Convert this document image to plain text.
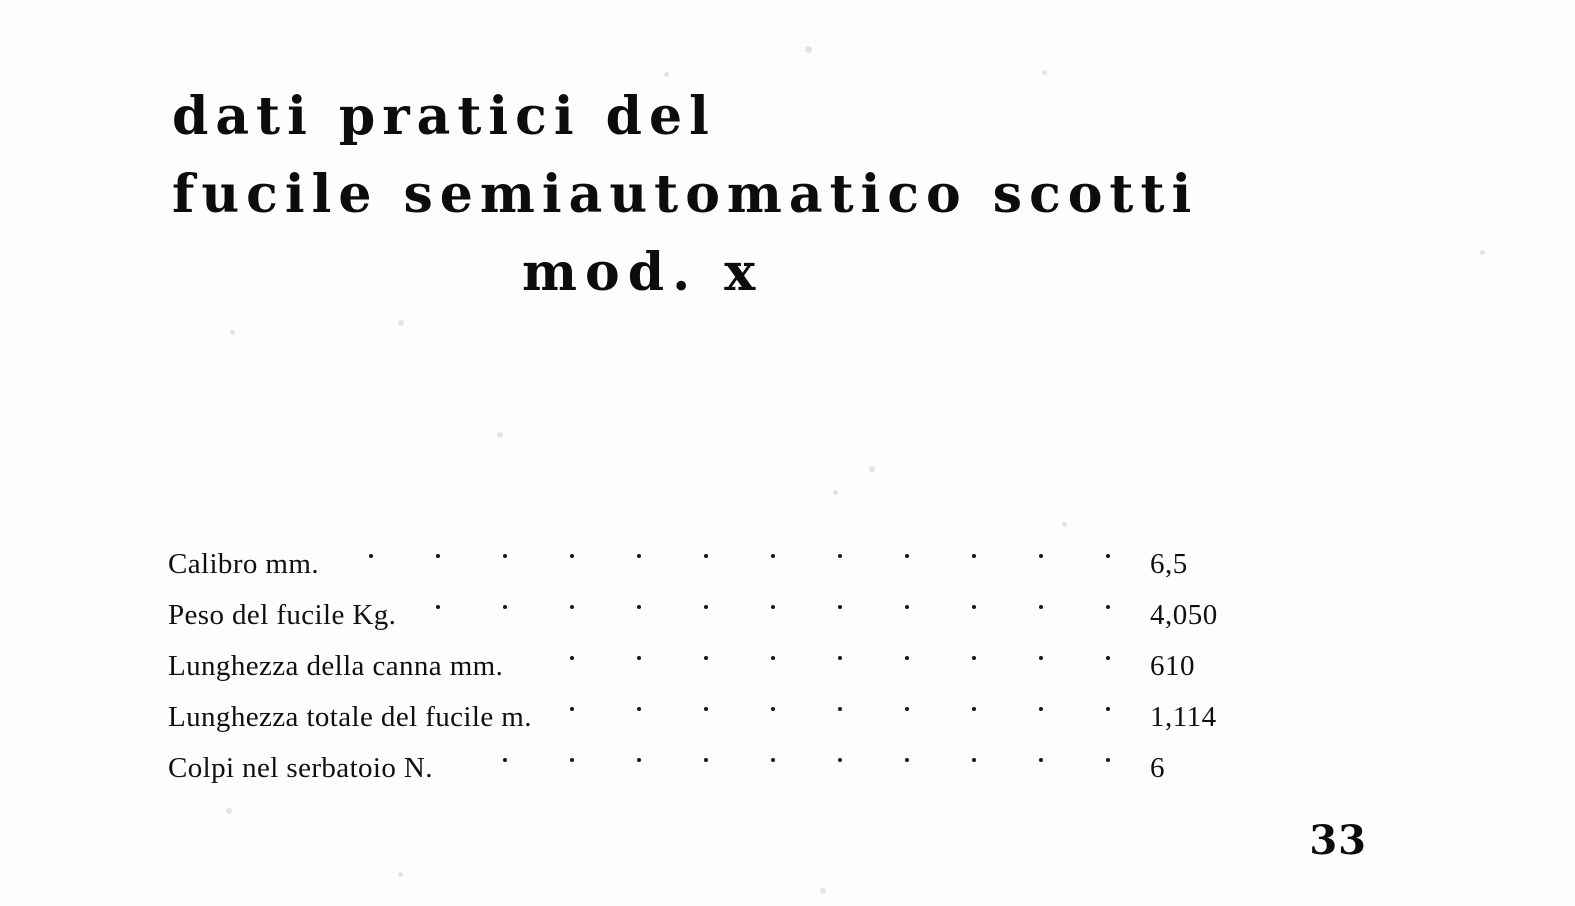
dati pratici del
fucile semiautomatico scotti
mod. x
Calibro mm.	6,5
Peso del fucile Kg.	4,050
Lunghezza della canna mm.	610
Lunghezza totale del fucile m.	1,114
Colpi nel serbatoio N.	6
33
